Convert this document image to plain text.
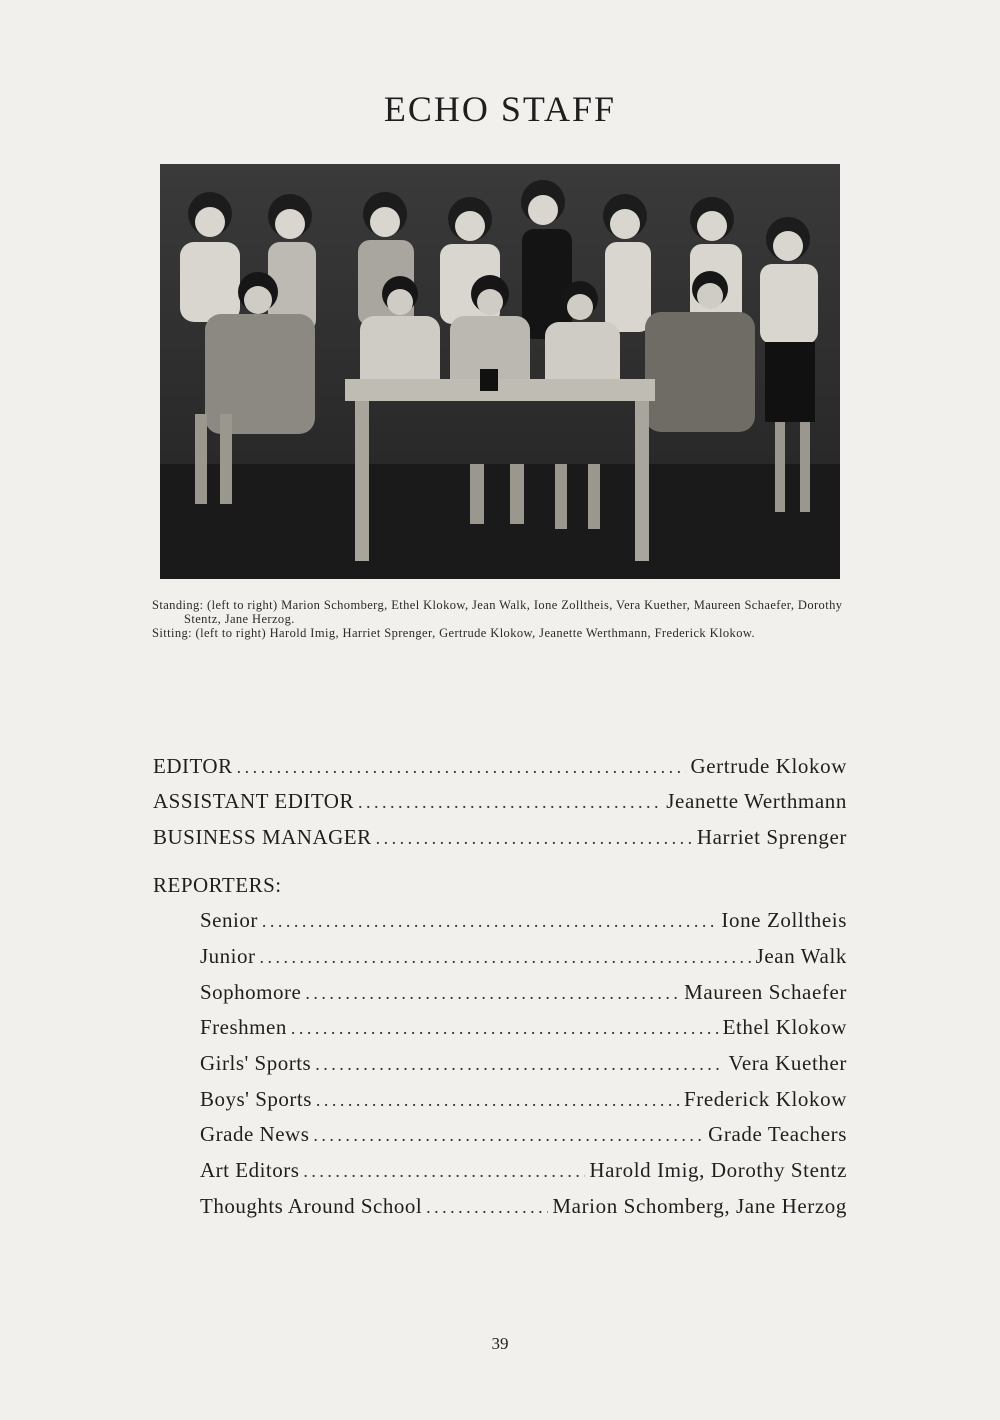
ECHO STAFF

Standing: (left to right) Marion Schomberg, Ethel Klokow, Jean Walk, Ione Zolltheis, Vera Kuether, Maureen Schaefer, Dorothy Stentz, Jane Herzog.

Sitting: (left to right) Harold Imig, Harriet Sprenger, Gertrude Klokow, Jeanette Werthmann, Frederick Klokow.

EDITOR . . .	Gertrude Klokow
ASSISTANT EDITOR . . .	Jeanette Werthmann
BUSINESS MANAGER . . .	Harriet Sprenger
REPORTERS:
Senior . . .	Ione Zolltheis
Junior . . .	Jean Walk
Sophomore . . .	Maureen Schaefer
Freshmen . . .	Ethel Klokow
Girls' Sports . . .	Vera Kuether
Boys' Sports . . .	Frederick Klokow
Grade News . . .	Grade Teachers
Art Editors . . .	Harold Imig, Dorothy Stentz
Thoughts Around School . . .	Marion Schomberg, Jane Herzog
39
